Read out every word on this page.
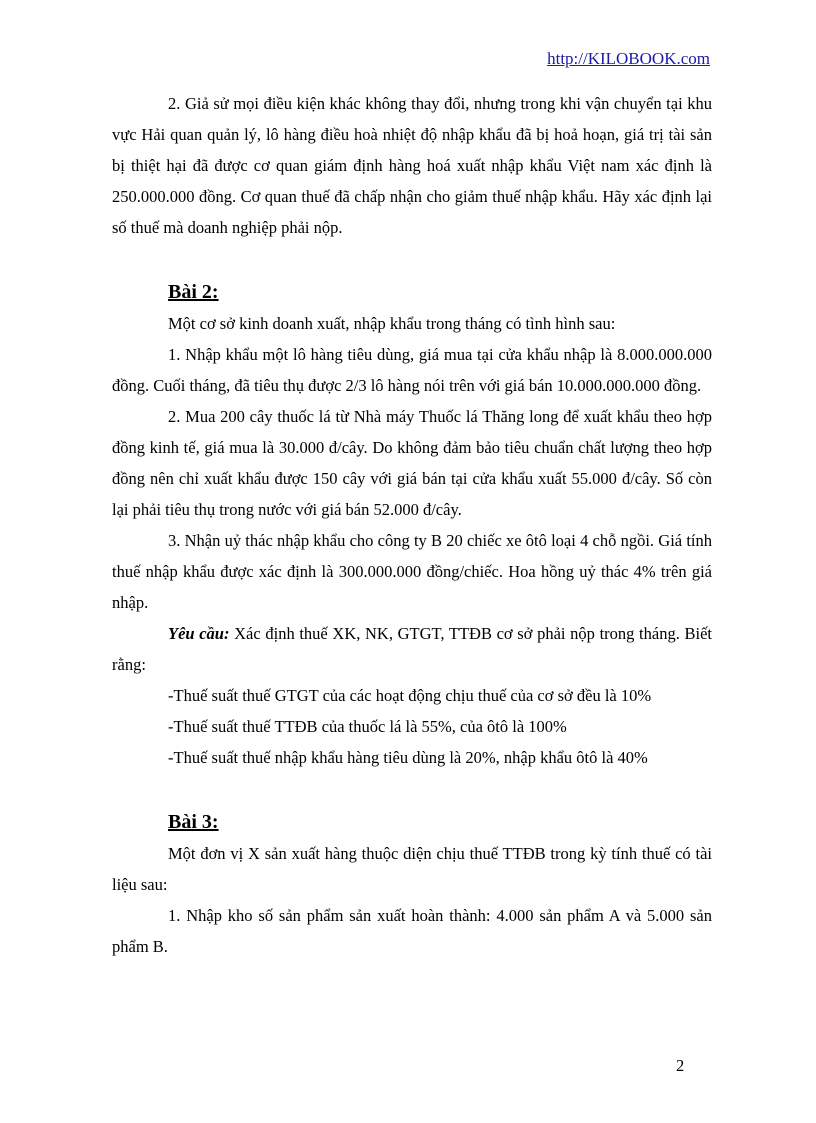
http://KILOBOOK.com

2. Giả sử mọi điều kiện khác không thay đổi, nhưng trong khi vận chuyển tại khu vực Hải quan quản lý, lô hàng điều hoà nhiệt độ nhập khẩu đã bị hoả hoạn, giá trị tài sản bị thiệt hại đã được cơ quan giám định hàng hoá xuất nhập khẩu Việt nam xác định là 250.000.000 đồng. Cơ quan thuế đã chấp nhận cho giảm thuế nhập khẩu. Hãy xác định lại số thuế mà doanh nghiệp phải nộp.

Bài 2:

Một cơ sở kinh doanh xuất, nhập khẩu trong tháng có tình hình sau:

1. Nhập khẩu một lô hàng tiêu dùng, giá mua tại cửa khẩu nhập là 8.000.000.000 đồng. Cuối tháng, đã tiêu thụ được 2/3 lô hàng nói trên với giá bán 10.000.000.000 đồng.

2. Mua 200 cây thuốc lá từ Nhà máy Thuốc lá Thăng long để xuất khẩu theo hợp đồng kinh tế, giá mua là 30.000 đ/cây. Do không đảm bảo tiêu chuẩn chất lượng theo hợp đồng nên chỉ xuất khẩu được 150 cây với giá bán tại cửa khẩu xuất 55.000 đ/cây. Số còn lại phải tiêu thụ trong nước với giá bán 52.000 đ/cây.

3. Nhận uỷ thác nhập khẩu cho công ty B 20 chiếc xe ôtô loại 4 chỗ ngồi. Giá tính thuế nhập khẩu được xác định là 300.000.000 đồng/chiếc. Hoa hồng uỷ thác 4% trên giá nhập.

Yêu cầu: Xác định thuế XK, NK, GTGT, TTĐB cơ sở phải nộp trong tháng. Biết rằng:

-Thuế suất thuế GTGT của các hoạt động chịu thuế của cơ sở đều là 10%

-Thuế suất thuế TTĐB của thuốc lá là 55%, của ôtô là 100%

-Thuế suất thuế nhập khẩu hàng tiêu dùng là 20%, nhập khẩu ôtô là 40%

Bài 3:

Một đơn vị X sản xuất hàng thuộc diện chịu thuế TTĐB trong kỳ tính thuế có tài liệu sau:

1. Nhập kho số sản phẩm sản xuất hoàn thành: 4.000 sản phẩm A và 5.000 sản phẩm B.

2
